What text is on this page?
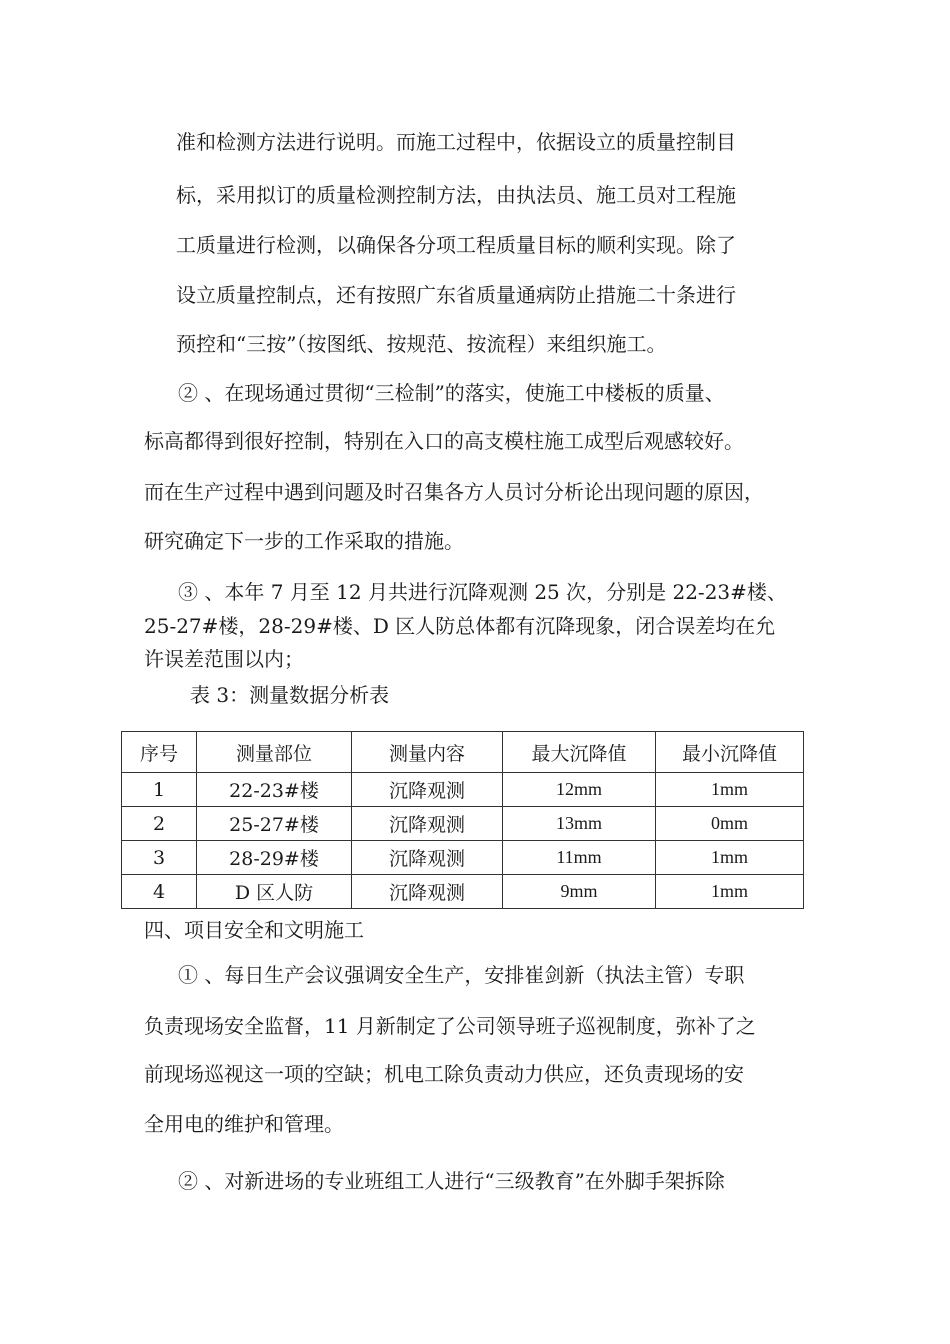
准和检测方法进行说明。而施工过程中，依据设立的质量控制目
标，采用拟订的质量检测控制方法，由执法员、施工员对工程施
工质量进行检测，以确保各分项工程质量目标的顺利实现。除了
设立质量控制点，还有按照广东省质量通病防止措施二十条进行
预控和“三按”（按图纸、按规范、按流程）来组织施工。
② 、在现场通过贯彻“三检制”的落实，使施工中楼板的质量、
标高都得到很好控制，特别在入口的高支模柱施工成型后观感较好。
而在生产过程中遇到问题及时召集各方人员讨分析论出现问题的原因，
研究确定下一步的工作采取的措施。
③ 、本年 7 月至 12 月共进行沉降观测 25 次，分别是 22-23#楼、
25-27#楼，28-29#楼、D 区人防总体都有沉降现象，闭合误差均在允
许误差范围以内；
表 3：测量数据分析表
序号	测量部位	测量内容	最大沉降值	最小沉降值
1	22-23#楼	沉降观测	12mm	1mm
2	25-27#楼	沉降观测	13mm	0mm
3	28-29#楼	沉降观测	11mm	1mm
4	D 区人防	沉降观测	9mm	1mm
四、项目安全和文明施工
① 、每日生产会议强调安全生产，安排崔剑新（执法主管）专职
负责现场安全监督，11 月新制定了公司领导班子巡视制度，弥补了之
前现场巡视这一项的空缺；机电工除负责动力供应，还负责现场的安
全用电的维护和管理。
② 、对新进场的专业班组工人进行“三级教育”在外脚手架拆除
